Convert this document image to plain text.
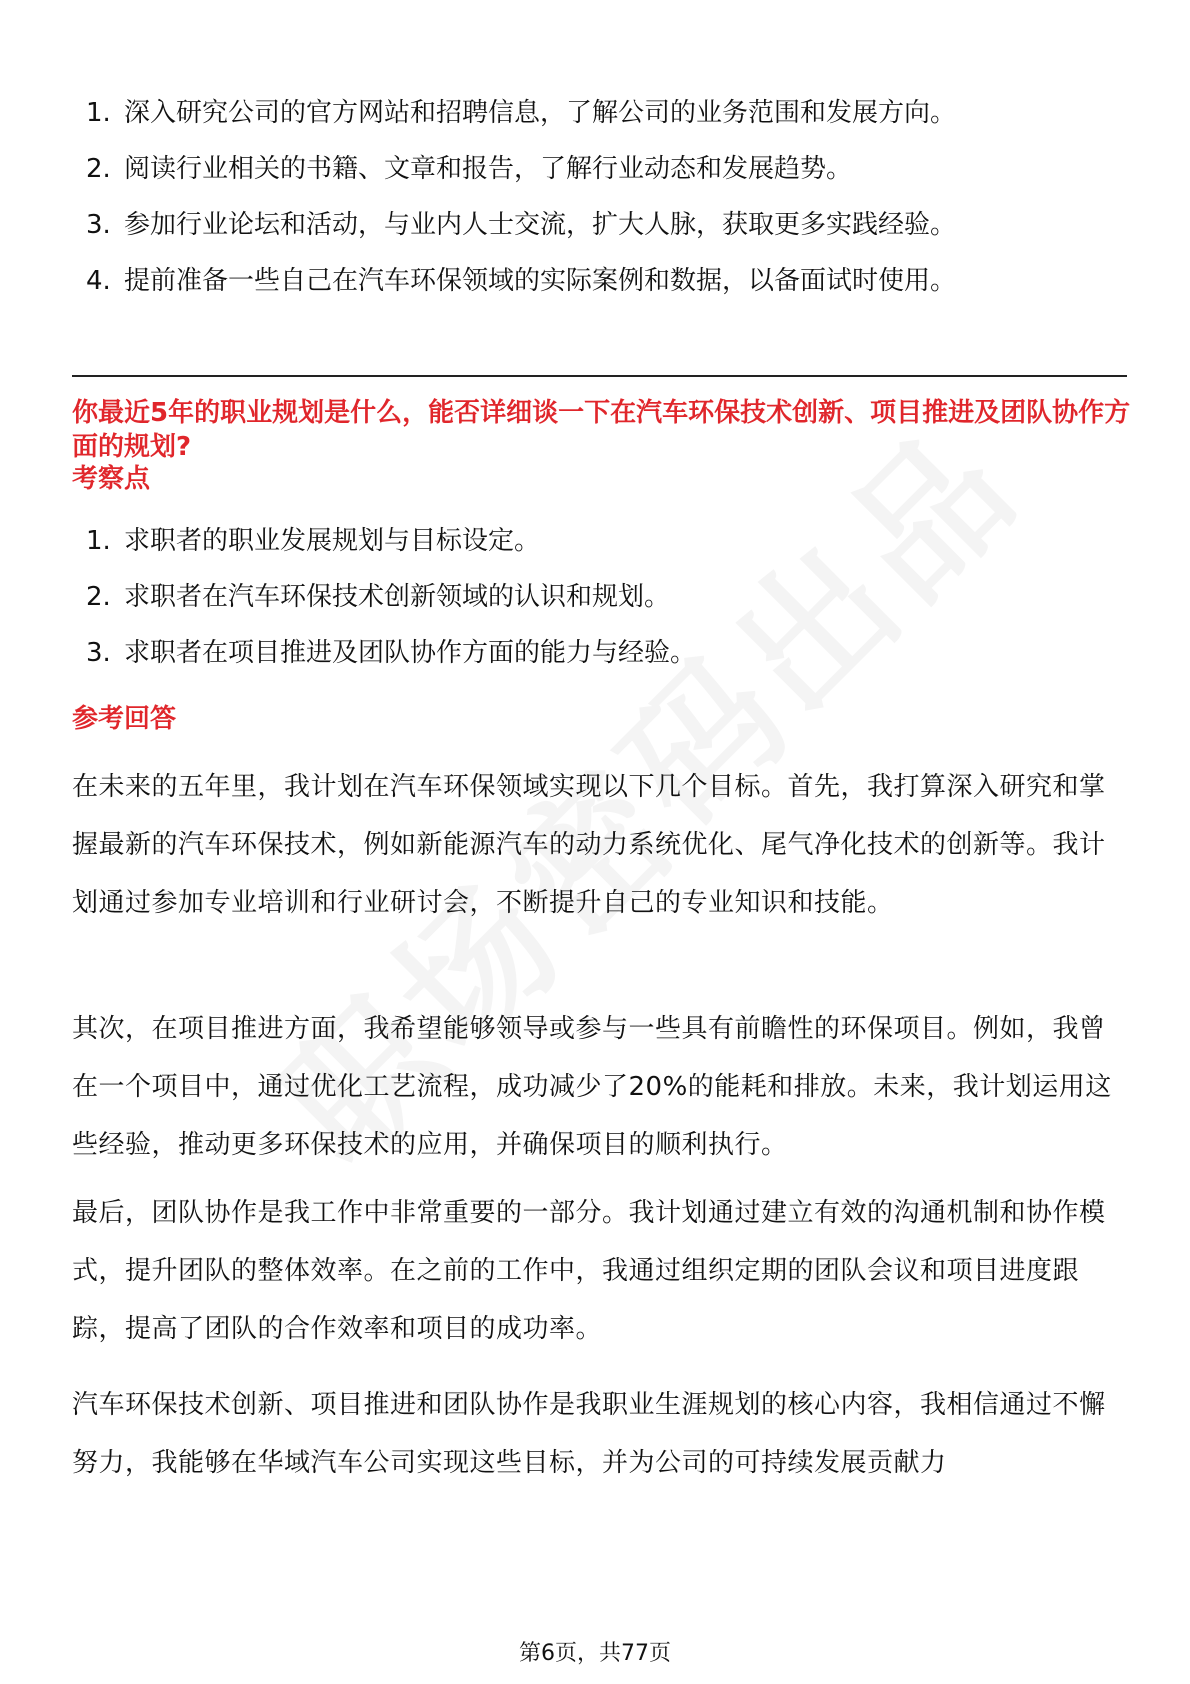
1. 深入研究公司的官方网站和招聘信息，了解公司的业务范围和发展方向。
2. 阅读行业相关的书籍、文章和报告，了解行业动态和发展趋势。
3. 参加行业论坛和活动，与业内人士交流，扩大人脉，获取更多实践经验。
4. 提前准备一些自己在汽车环保领域的实际案例和数据，以备面试时使用。
你最近5年的职业规划是什么，能否详细谈一下在汽车环保技术创新、项目推进及团队协作方面的规划?
考察点
1. 求职者的职业发展规划与目标设定。
2. 求职者在汽车环保技术创新领域的认识和规划。
3. 求职者在项目推进及团队协作方面的能力与经验。
参考回答

在未来的五年里，我计划在汽车环保领域实现以下几个目标。首先，我打算深入研究和掌握最新的汽车环保技术，例如新能源汽车的动力系统优化、尾气净化技术的创新等。我计划通过参加专业培训和行业研讨会，不断提升自己的专业知识和技能。

其次，在项目推进方面，我希望能够领导或参与一些具有前瞻性的环保项目。例如，我曾在一个项目中，通过优化工艺流程，成功减少了20%的能耗和排放。未来，我计划运用这些经验，推动更多环保技术的应用，并确保项目的顺利执行。

最后，团队协作是我工作中非常重要的一部分。我计划通过建立有效的沟通机制和协作模式，提升团队的整体效率。在之前的工作中，我通过组织定期的团队会议和项目进度跟踪，提高了团队的合作效率和项目的成功率。

汽车环保技术创新、项目推进和团队协作是我职业生涯规划的核心内容，我相信通过不懈努力，我能够在华域汽车公司实现这些目标，并为公司的可持续发展贡献力

第6页，共77页
